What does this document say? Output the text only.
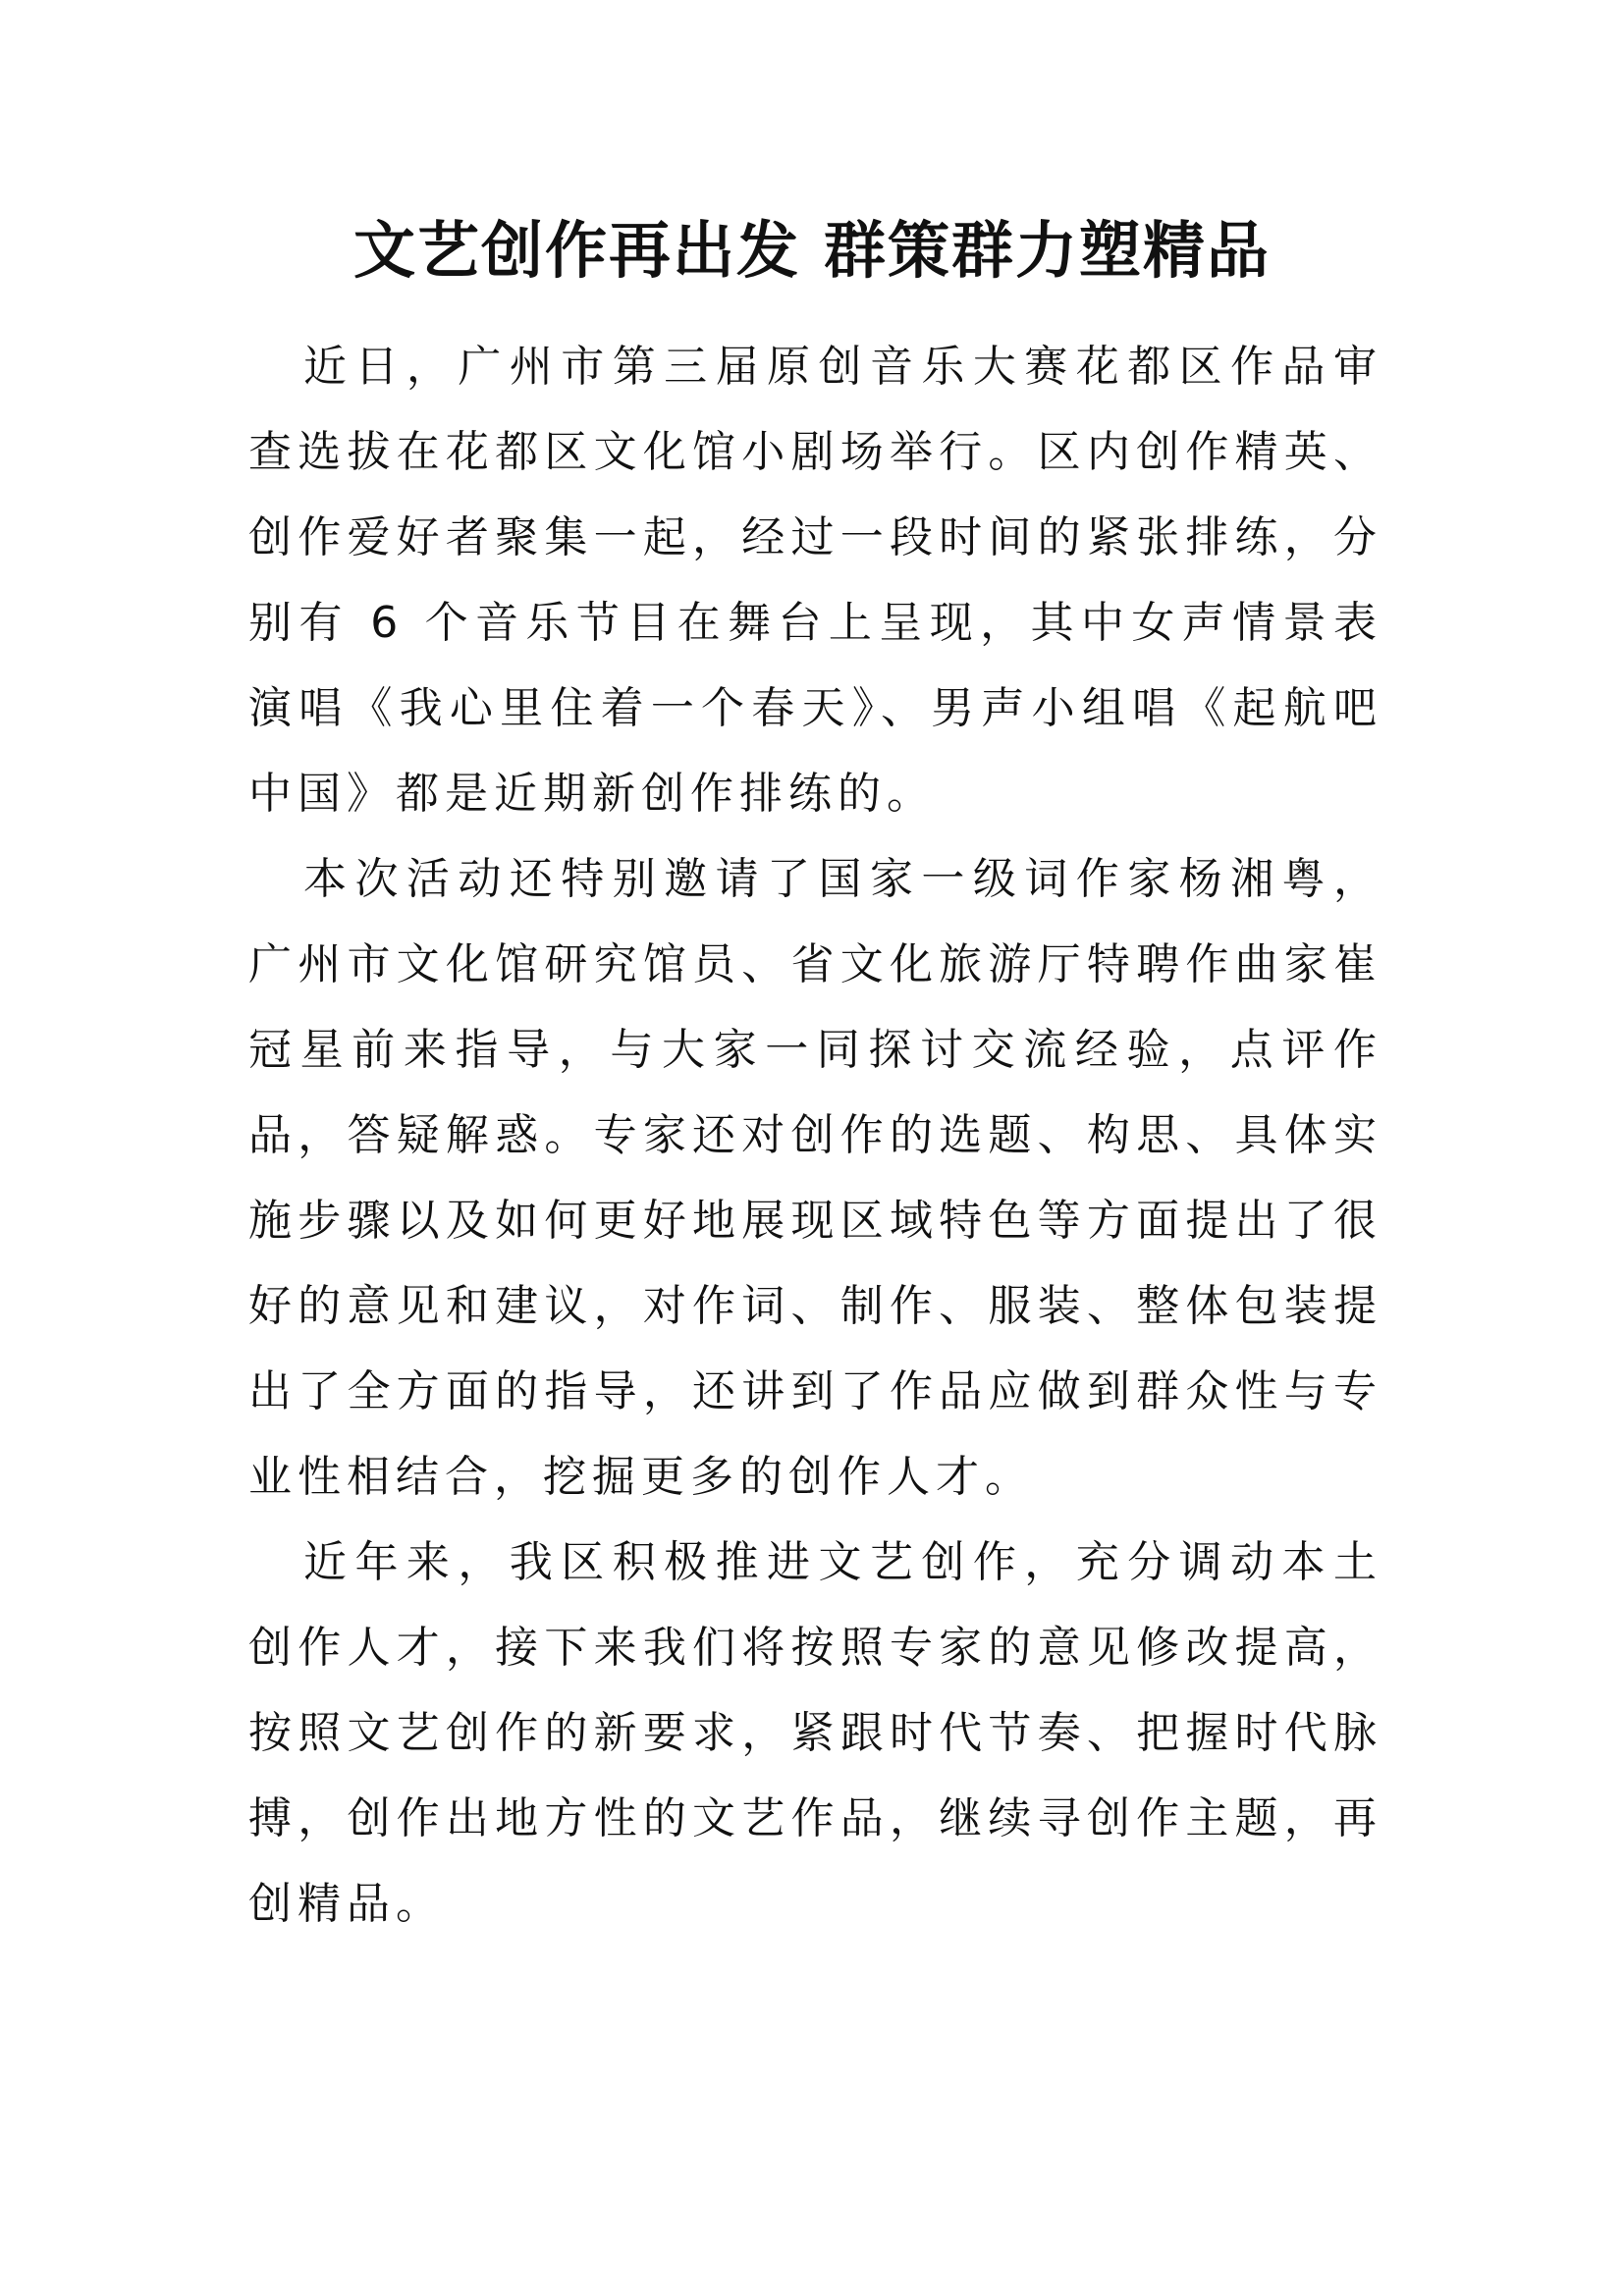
文艺创作再出发 群策群力塑精品

近日，广州市第三届原创音乐大赛花都区作品审查选拔在花都区文化馆小剧场举行。区内创作精英、创作爱好者聚集一起，经过一段时间的紧张排练，分别有 6 个音乐节目在舞台上呈现，其中女声情景表演唱《我心里住着一个春天》、男声小组唱《起航吧中国》都是近期新创作排练的。

本次活动还特别邀请了国家一级词作家杨湘粤，广州市文化馆研究馆员、省文化旅游厅特聘作曲家崔冠星前来指导，与大家一同探讨交流经验，点评作品，答疑解惑。专家还对创作的选题、构思、具体实施步骤以及如何更好地展现区域特色等方面提出了很好的意见和建议，对作词、制作、服装、整体包装提出了全方面的指导，还讲到了作品应做到群众性与专业性相结合，挖掘更多的创作人才。

近年来，我区积极推进文艺创作，充分调动本土创作人才，接下来我们将按照专家的意见修改提高，按照文艺创作的新要求，紧跟时代节奏、把握时代脉搏，创作出地方性的文艺作品，继续寻创作主题，再创精品。
